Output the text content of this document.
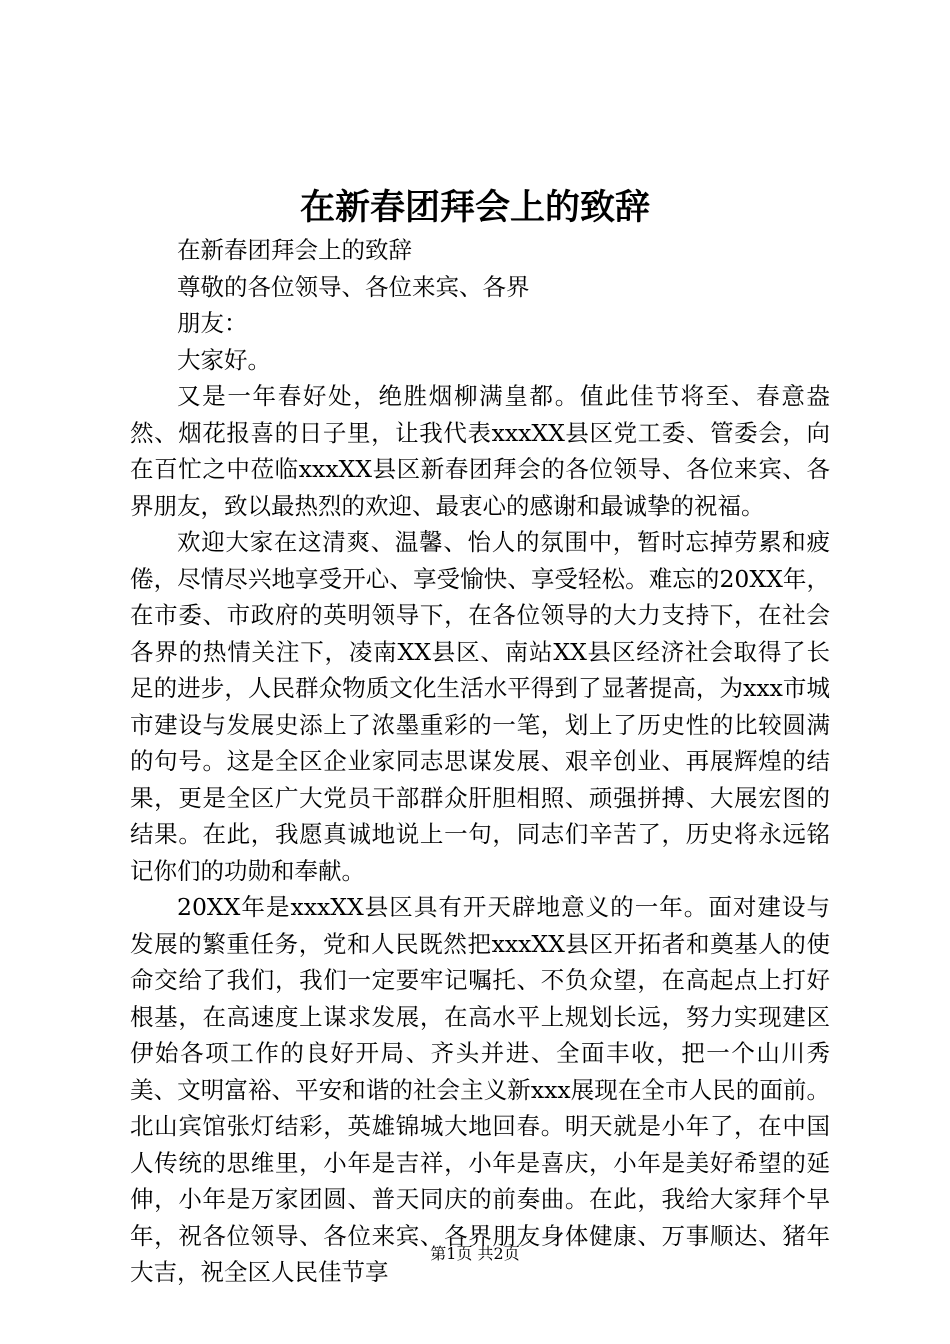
在新春团拜会上的致辞

在新春团拜会上的致辞

尊敬的各位领导、各位来宾、各界

朋友：

大家好。

又是一年春好处，绝胜烟柳满皇都。值此佳节将至、春意盎然、烟花报喜的日子里，让我代表xxxXX县区党工委、管委会，向在百忙之中莅临xxxXX县区新春团拜会的各位领导、各位来宾、各界朋友，致以最热烈的欢迎、最衷心的感谢和最诚挚的祝福。

欢迎大家在这清爽、温馨、怡人的氛围中，暂时忘掉劳累和疲倦，尽情尽兴地享受开心、享受愉快、享受轻松。难忘的20XX年，在市委、市政府的英明领导下，在各位领导的大力支持下，在社会各界的热情关注下，凌南XX县区、南站XX县区经济社会取得了长足的进步，人民群众物质文化生活水平得到了显著提高，为xxx市城市建设与发展史添上了浓墨重彩的一笔，划上了历史性的比较圆满的句号。这是全区企业家同志思谋发展、艰辛创业、再展辉煌的结果，更是全区广大党员干部群众肝胆相照、顽强拼搏、大展宏图的结果。在此，我愿真诚地说上一句，同志们辛苦了，历史将永远铭记你们的功勋和奉献。

20XX年是xxxXX县区具有开天辟地意义的一年。面对建设与发展的繁重任务，党和人民既然把xxxXX县区开拓者和奠基人的使命交给了我们，我们一定要牢记嘱托、不负众望，在高起点上打好根基，在高速度上谋求发展，在高水平上规划长远，努力实现建区伊始各项工作的良好开局、齐头并进、全面丰收，把一个山川秀美、文明富裕、平安和谐的社会主义新xxx展现在全市人民的面前。北山宾馆张灯结彩，英雄锦城大地回春。明天就是小年了，在中国人传统的思维里，小年是吉祥，小年是喜庆，小年是美好希望的延伸，小年是万家团圆、普天同庆的前奏曲。在此，我给大家拜个早年，祝各位领导、各位来宾、各界朋友身体健康、万事顺达、猪年大吉，祝全区人民佳节享

第1页 共2页
